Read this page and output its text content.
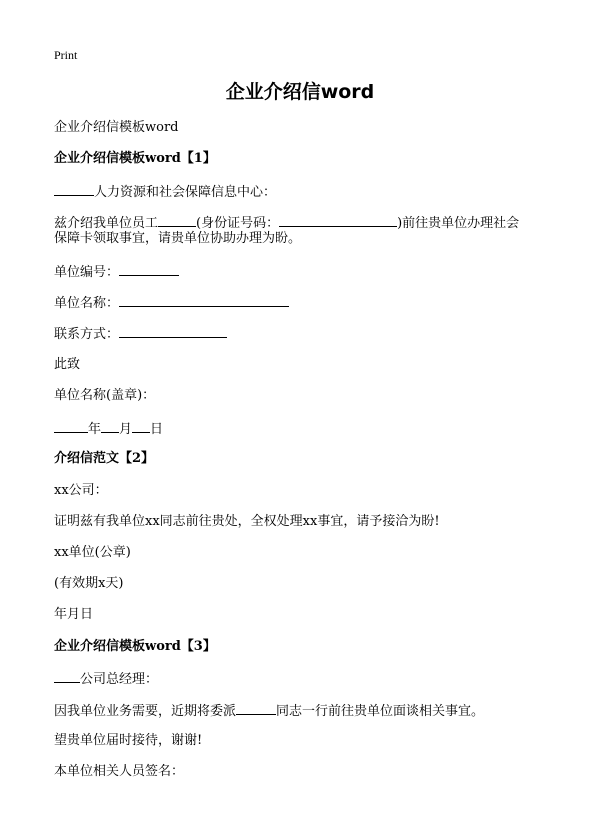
Print
企业介绍信word
企业介绍信模板word
企业介绍信模板word【1】
人力资源和社会保障信息中心：
兹介绍我单位员工	(身份证号码：	)前往贵单位办理社会
保障卡领取事宜，请贵单位协助办理为盼。
单位编号：
单位名称：
联系方式：
此致
单位名称(盖章)：
年 月 日
介绍信范文【2】
xx公司：
证明兹有我单位xx同志前往贵处，全权处理xx事宜，请予接洽为盼!
xx单位(公章)
(有效期x天)
年月日
企业介绍信模板word【3】
公司总经理：
因我单位业务需要，近期将委派	同志一行前往贵单位面谈相关事宜。
望贵单位届时接待，谢谢!
本单位相关人员签名：
